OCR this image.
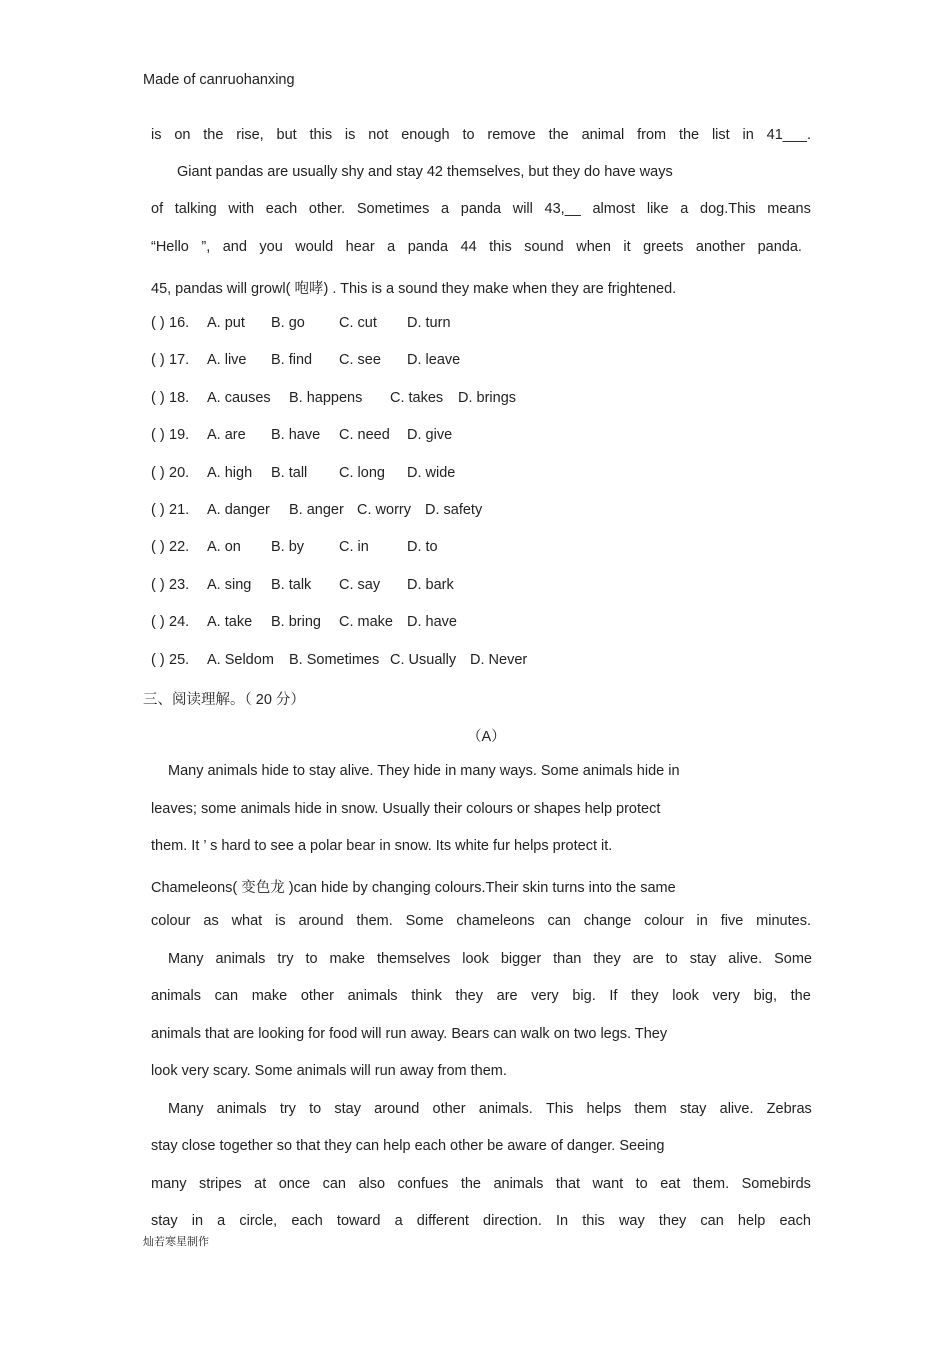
Made of canruohanxing
is on the rise, but this is not enough to remove the animal from the list in 41___.
Giant pandas are usually shy and stay 42 themselves, but they do have ways
of talking with each other. Sometimes a panda will 43,__ almost like a dog.This means
“Hello ”, and you would hear a panda 44 this sound when it greets another panda.
45, pandas will growl( 咆哮) . This is a sound they make when they are frightened.
( ) 16. A. put B. go C. cut D. turn
( ) 17. A. live B. find C. see D. leave
( ) 18. A. causes B. happens C. takes D. brings
( ) 19. A. are B. have C. need D. give
( ) 20. A. high B. tall C. long D. wide
( ) 21. A. danger B. anger C. worry D. safety
( ) 22. A. on B. by C. in	D. to
( ) 23. A. sing B. talk C. say D. bark
( ) 24. A. take B. bring C. make D. have
( ) 25. A. Seldom B. Sometimes C. Usually D. Never
三、阅读理解。（ 20 分）
（A）
Many animals hide to stay alive. They hide in many ways. Some animals hide in
leaves; some animals hide in snow. Usually their colours or shapes help protect
them. It ’ s hard to see a polar bear in snow. Its white fur helps protect it.
Chameleons( 变色龙 )can hide by changing colours.Their skin turns into the same
colour as what is around them. Some chameleons can change colour in five minutes.
Many animals try to make themselves look bigger than they are to stay alive. Some
animals can make other animals think they are very big. If they look very big, the
animals that are looking for food will run away. Bears can walk on two legs. They
look very scary. Some animals will run away from them.
Many animals try to stay around other animals. This helps them stay alive. Zebras
stay close together so that they can help each other be aware of danger. Seeing
many stripes at once can also confues the animals that want to eat them. Somebirds
stay in a circle, each toward a different direction. In this way they can help each
灿若寒星制作
